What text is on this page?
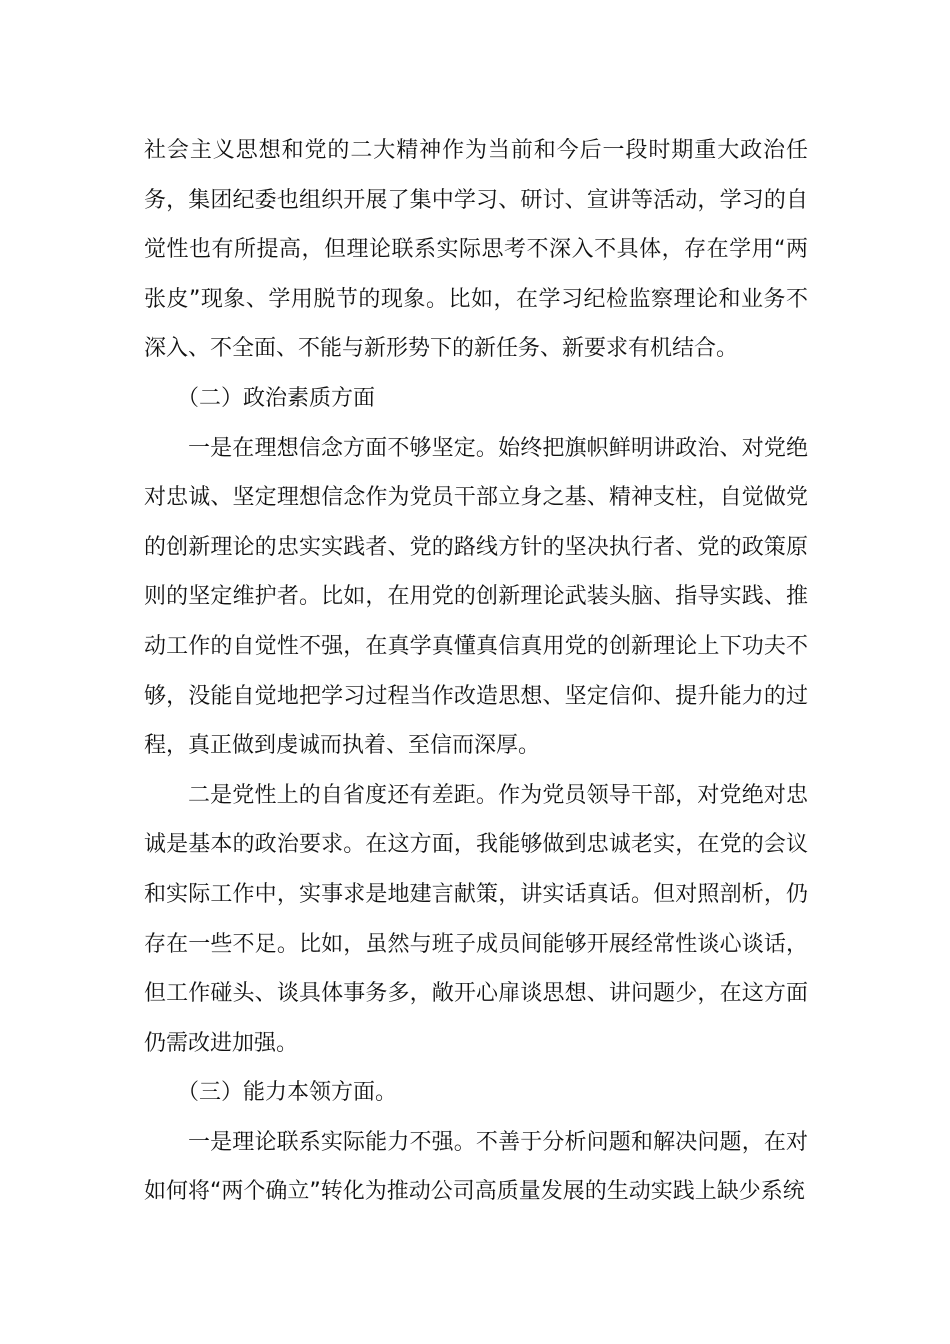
社会主义思想和党的二大精神作为当前和今后一段时期重大政治任务，集团纪委也组织开展了集中学习、研讨、宣讲等活动，学习的自觉性也有所提高，但理论联系实际思考不深入不具体，存在学用“两张皮”现象、学用脱节的现象。比如，在学习纪检监察理论和业务不深入、不全面、不能与新形势下的新任务、新要求有机结合。

（二）政治素质方面

一是在理想信念方面不够坚定。始终把旗帜鲜明讲政治、对党绝对忠诚、坚定理想信念作为党员干部立身之基、精神支柱，自觉做党的创新理论的忠实实践者、党的路线方针的坚决执行者、党的政策原则的坚定维护者。比如，在用党的创新理论武装头脑、指导实践、推动工作的自觉性不强，在真学真懂真信真用党的创新理论上下功夫不够，没能自觉地把学习过程当作改造思想、坚定信仰、提升能力的过程，真正做到虔诚而执着、至信而深厚。

二是党性上的自省度还有差距。作为党员领导干部，对党绝对忠诚是基本的政治要求。在这方面，我能够做到忠诚老实，在党的会议和实际工作中，实事求是地建言献策，讲实话真话。但对照剖析，仍存在一些不足。比如，虽然与班子成员间能够开展经常性谈心谈话，但工作碰头、谈具体事务多，敞开心扉谈思想、讲问题少，在这方面仍需改进加强。

（三）能力本领方面。

一是理论联系实际能力不强。不善于分析问题和解决问题，在对如何将“两个确立”转化为推动公司高质量发展的生动实践上缺少系统
